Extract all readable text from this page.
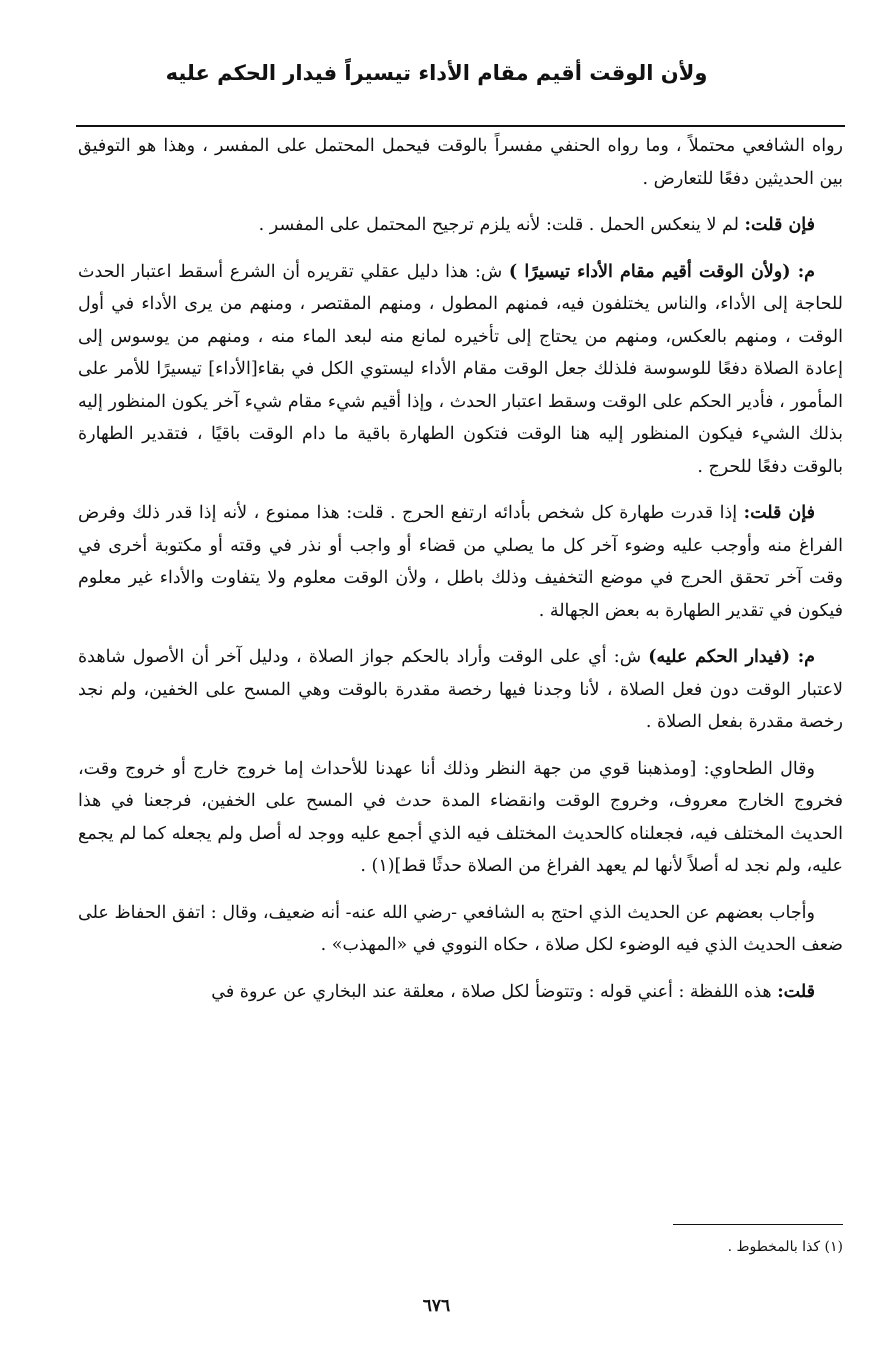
ولأن الوقت أقيم مقام الأداء تيسيراً فيدار الحكم عليه

رواه الشافعي محتملاً ، وما رواه الحنفي مفسراً بالوقت فيحمل المحتمل على المفسر ، وهذا هو التوفيق بين الحديثين دفعًا للتعارض .

فإن قلت: لم لا ينعكس الحمل . قلت: لأنه يلزم ترجيح المحتمل على المفسر .

م: (ولأن الوقت أقيم مقام الأداء تيسيرًا ) ش: هذا دليل عقلي تقريره أن الشرع أسقط اعتبار الحدث للحاجة إلى الأداء، والناس يختلفون فيه، فمنهم المطول ، ومنهم المقتصر ، ومنهم من يرى الأداء في أول الوقت ، ومنهم بالعكس، ومنهم من يحتاج إلى تأخيره لمانع منه لبعد الماء منه ، ومنهم من يوسوس إلى إعادة الصلاة دفعًا للوسوسة فلذلك جعل الوقت مقام الأداء ليستوي الكل في بقاء[الأداء] تيسيرًا للأمر على المأمور ، فأدير الحكم على الوقت وسقط اعتبار الحدث ، وإذا أقيم شيء مقام شيء آخر يكون المنظور إليه بذلك الشيء فيكون المنظور إليه هنا الوقت فتكون الطهارة باقية ما دام الوقت باقيًا ، فتقدير الطهارة بالوقت دفعًا للحرج .

فإن قلت: إذا قدرت طهارة كل شخص بأدائه ارتفع الحرج . قلت: هذا ممنوع ، لأنه إذا قدر ذلك وفرض الفراغ منه وأوجب عليه وضوء آخر كل ما يصلي من قضاء أو واجب أو نذر في وقته أو مكتوبة أخرى في وقت آخر تحقق الحرج في موضع التخفيف وذلك باطل ، ولأن الوقت معلوم ولا يتفاوت والأداء غير معلوم فيكون في تقدير الطهارة به بعض الجهالة .

م: (فيدار الحكم عليه) ش: أي على الوقت وأراد بالحكم جواز الصلاة ، ودليل آخر أن الأصول شاهدة لاعتبار الوقت دون فعل الصلاة ، لأنا وجدنا فيها رخصة مقدرة بالوقت وهي المسح على الخفين، ولم نجد رخصة مقدرة بفعل الصلاة .

وقال الطحاوي: [ومذهبنا قوي من جهة النظر وذلك أنا عهدنا للأحداث إما خروج خارج أو خروج وقت، فخروج الخارج معروف، وخروج الوقت وانقضاء المدة حدث في المسح على الخفين، فرجعنا في هذا الحديث المختلف فيه، فجعلناه كالحديث المختلف فيه الذي أجمع عليه ووجد له أصل ولم يجعله كما لم يجمع عليه، ولم نجد له أصلاً لأنها لم يعهد الفراغ من الصلاة حدثًا قط](١) .

وأجاب بعضهم عن الحديث الذي احتج به الشافعي -رضي الله عنه- أنه ضعيف، وقال : اتفق الحفاظ على ضعف الحديث الذي فيه الوضوء لكل صلاة ، حكاه النووي في «المهذب» .

قلت: هذه اللفظة : أعني قوله : وتتوضأ لكل صلاة ، معلقة عند البخاري عن عروة في

(١) كذا بالمخطوط .
٦٧٦
